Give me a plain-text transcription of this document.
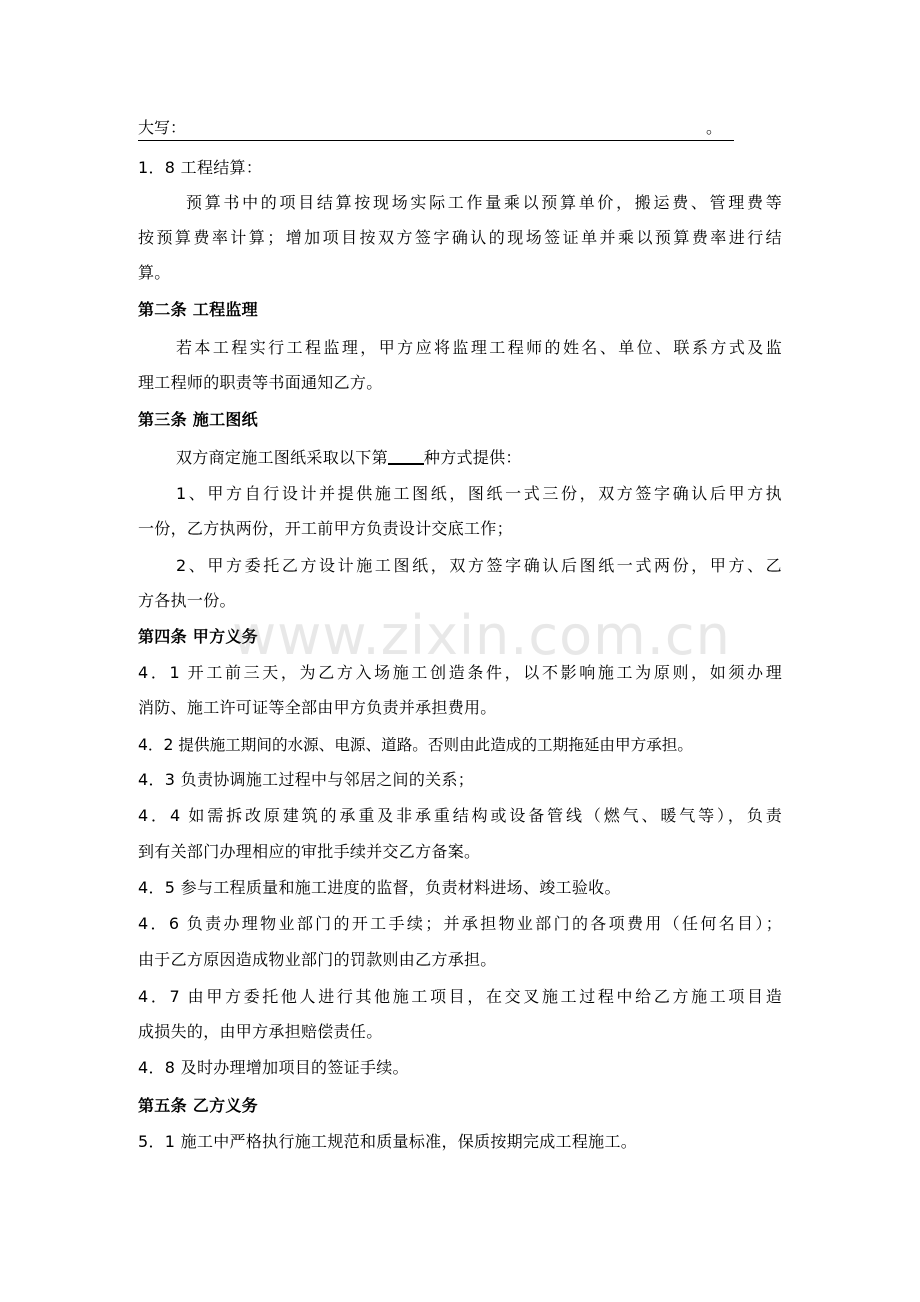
大写：	。
1．8 工程结算：
预算书中的项目结算按现场实际工作量乘以预算单价，搬运费、管理费等
按预算费率计算；增加项目按双方签字确认的现场签证单并乘以预算费率进行结
算。
第二条 工程监理
若本工程实行工程监理，甲方应将监理工程师的姓名、单位、联系方式及监
理工程师的职责等书面通知乙方。
第三条 施工图纸
双方商定施工图纸采取以下第 种方式提供：
1、甲方自行设计并提供施工图纸，图纸一式三份，双方签字确认后甲方执
一份，乙方执两份，开工前甲方负责设计交底工作；
2、甲方委托乙方设计施工图纸，双方签字确认后图纸一式两份，甲方、乙
方各执一份。
第四条 甲方义务
4．1 开工前三天，为乙方入场施工创造条件，以不影响施工为原则，如须办理
消防、施工许可证等全部由甲方负责并承担费用。
4．2 提供施工期间的水源、电源、道路。否则由此造成的工期拖延由甲方承担。
4．3 负责协调施工过程中与邻居之间的关系；
4．4 如需拆改原建筑的承重及非承重结构或设备管线（燃气、暖气等），负责
到有关部门办理相应的审批手续并交乙方备案。
4．5 参与工程质量和施工进度的监督，负责材料进场、竣工验收。
4．6 负责办理物业部门的开工手续；并承担物业部门的各项费用（任何名目）；
由于乙方原因造成物业部门的罚款则由乙方承担。
4．7 由甲方委托他人进行其他施工项目，在交叉施工过程中给乙方施工项目造
成损失的，由甲方承担赔偿责任。
4．8 及时办理增加项目的签证手续。
第五条 乙方义务
5．1 施工中严格执行施工规范和质量标准，保质按期完成工程施工。
www.zixin.com.cn
